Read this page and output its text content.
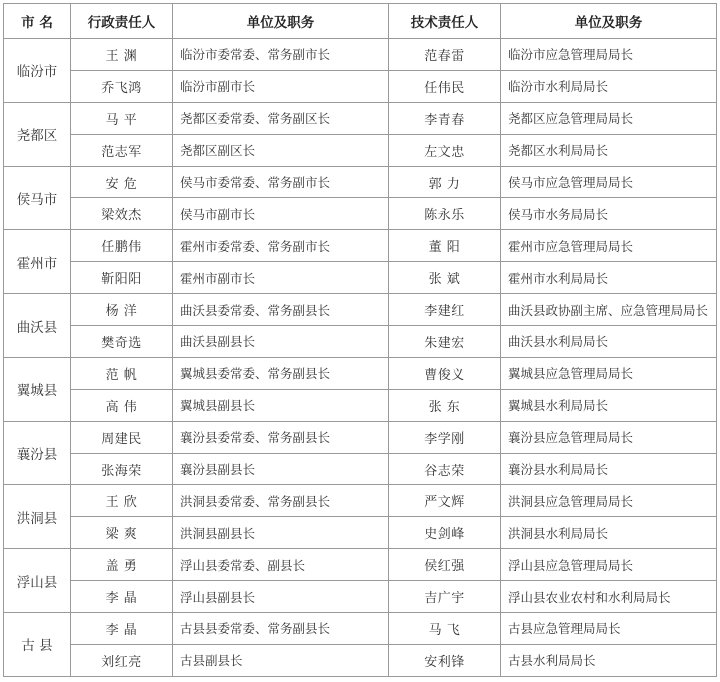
市 名	行政责任人	单位及职务	技术责任人	单位及职务
临汾市	王 渊	临汾市委常委、常务副市长	范春雷	临汾市应急管理局局长
	乔飞鸿	临汾市副市长	任伟民	临汾市水利局局长
尧都区	马 平	尧都区委常委、常务副区长	李青春	尧都区应急管理局局长
	范志军	尧都区副区长	左文忠	尧都区水利局局长
侯马市	安 危	侯马市委常委、常务副市长	郭 力	侯马市应急管理局局长
	梁效杰	侯马市副市长	陈永乐	侯马市水务局局长
霍州市	任鹏伟	霍州市委常委、常务副市长	董 阳	霍州市应急管理局局长
	靳阳阳	霍州市副市长	张 斌	霍州市水利局局长
曲沃县	杨 洋	曲沃县委常委、常务副县长	李建红	曲沃县政协副主席、应急管理局局长
	樊奇选	曲沃县副县长	朱建宏	曲沃县水利局局长
翼城县	范 帆	翼城县委常委、常务副县长	曹俊义	翼城县应急管理局局长
	高 伟	翼城县副县长	张 东	翼城县水利局局长
襄汾县	周建民	襄汾县委常委、常务副县长	李学刚	襄汾县应急管理局局长
	张海荣	襄汾县副县长	谷志荣	襄汾县水利局局长
洪洞县	王 欣	洪洞县委常委、常务副县长	严文辉	洪洞县应急管理局局长
	梁 爽	洪洞县副县长	史剑峰	洪洞县水利局局长
浮山县	盖 勇	浮山县委常委、副县长	侯红强	浮山县应急管理局局长
	李 晶	浮山县副县长	吉广宇	浮山县农业农村和水利局局长
古 县	李 晶	古县县委常委、常务副县长	马 飞	古县应急管理局局长
	刘红亮	古县副县长	安利锋	古县水利局局长
